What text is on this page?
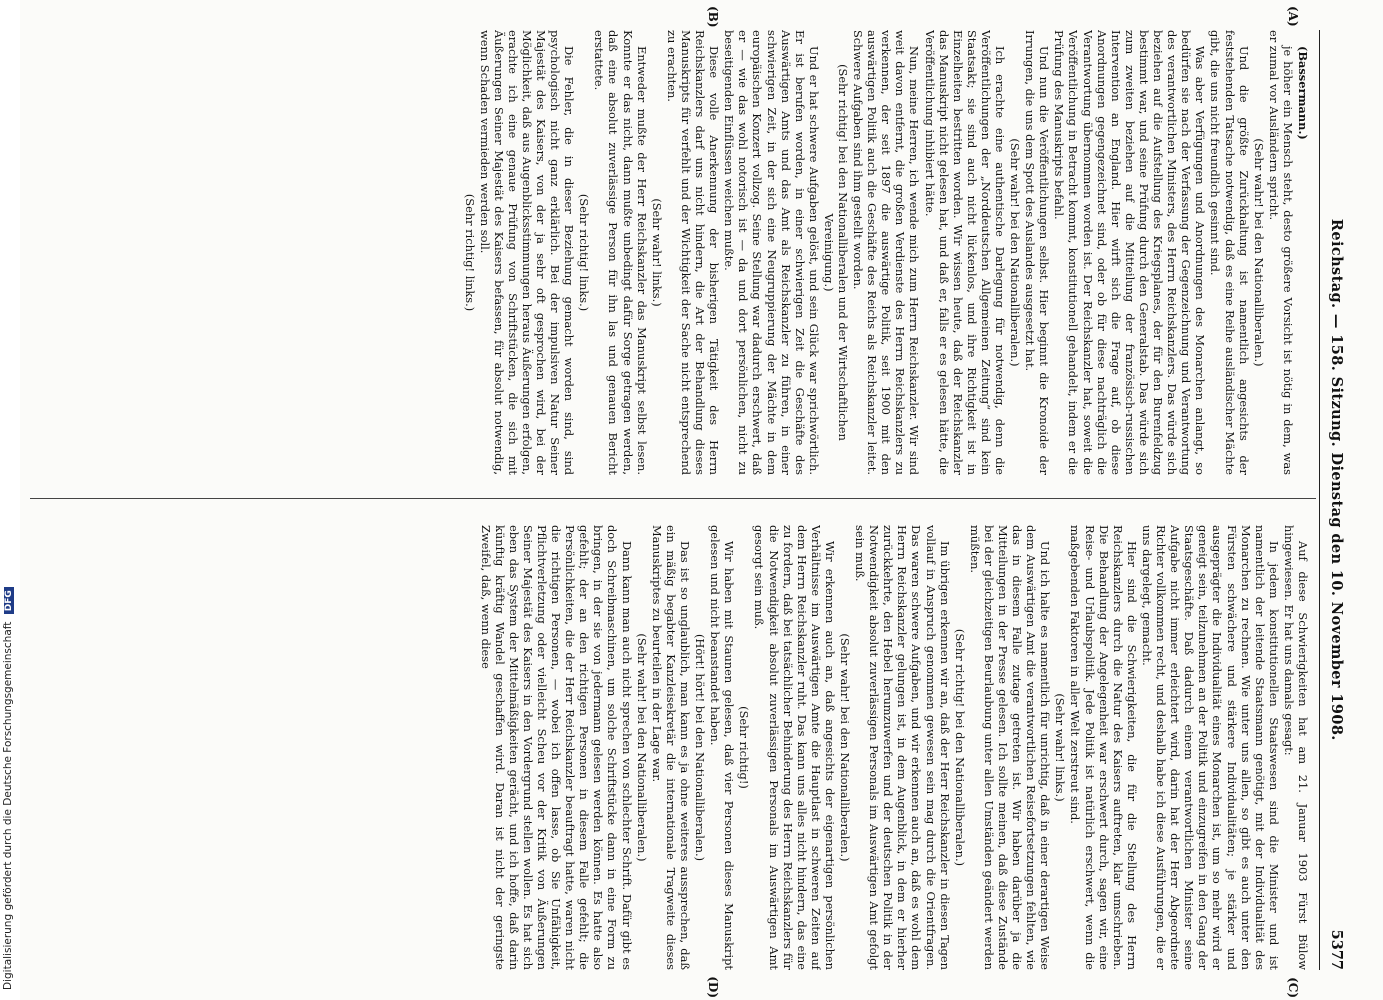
Digitalisierung gefördert durch die Deutsche Forschungsgemeinschaft DFG	Reichstag. — 158. Sitzung. Dienstag den 10. November 1908.
5377
(A)
(B)
(C)
(D)

(Bassermann.)

je höher ein Mensch steht, desto größere Vorsicht ist nötig in dem, was er zumal vor Ausländern spricht.

(Sehr wahr! bei den Nationalliberalen.)

Und die größte Zurückhaltung ist namentlich angesichts der feststehenden Tatsache notwendig, daß es eine Reihe ausländischer Mächte gibt, die uns nicht freundlich gesinnt sind.

Was aber Verfügungen und Anordnungen des Monarchen anlangt, so bedürfen sie nach der Verfassung der Gegenzeichnung und Verantwortung des verantwortlichen Ministers, des Herrn Reichskanzlers. Das würde sich beziehen auf die Aufstellung des Kriegsplanes, der für den Burenfeldzug bestimmt war, und seine Prüfung durch den Generalstab. Das würde sich zum zweiten beziehen auf die Mitteilung der französisch-russischen Intervention an England. Hier wirft sich die Frage auf, ob diese Anordnungen gegengezeichnet sind, oder ob für diese nachträglich die Verantwortung übernommen worden ist. Der Reichskanzler hat, soweit die Veröffentlichung in Betracht kommt, konstitutionell gehandelt, indem er die Prüfung des Manuskripts befahl.

Und nun die Veröffentlichungen selbst. Hier beginnt die Kronoide der Irrungen, die uns dem Spott des Auslandes ausgesetzt hat.

(Sehr wahr! bei den Nationalliberalen.)

Ich erachte eine authentische Darlegung für notwendig, denn die Veröffentlichungen der „Norddeutschen Allgemeinen Zeitung“ sind kein Staatsakt; sie sind auch nicht lückenlos, und ihre Richtigkeit ist in Einzelheiten bestritten worden. Wir wissen heute, daß der Reichskanzler das Manuskript nicht gelesen hat, und daß er, falls er es gelesen hätte, die Veröffentlichung inhibiert hätte.

Nun, meine Herren, ich wende mich zum Herrn Reichskanzler. Wir sind weit davon entfernt, die großen Verdienste des Herrn Reichskanzlers zu verkennen, der seit 1897 die auswärtige Politik, seit 1900 mit den auswärtigen Politik auch die Geschäfte des Reichs als Reichskanzler leitet. Schwere Aufgaben sind ihm gestellt worden.

(Sehr richtig! bei den Nationalliberalen und der Wirtschaftlichen Vereinigung.)

Und er hat schwere Aufgaben gelöst, und sein Glück war sprichwörtlich. Er ist berufen worden, in einer schwierigen Zeit die Geschäfte des Auswärtigen Amts und das Amt als Reichskanzler zu führen, in einer schwierigen Zeit, in der sich eine Neugruppierung der Mächte in dem europäischen Konzert vollzog. Seine Stellung war dadurch erschwert, daß er — wie das wohl notorisch ist — da und dort persönlichen, nicht zu beseitigenden Einflüssen weichen mußte.

Diese volle Anerkennung der bisherigen Tätigkeit des Herrn Reichskanzlers darf uns nicht hindern, die Art der Behandlung dieses Manuskripts für verfehlt und der Wichtigkeit der Sache nicht entsprechend zu erachten.

(Sehr wahr! links.)

Entweder mußte der Herr Reichskanzler das Manuskript selbst lesen. Konnte er das nicht, dann mußte unbedingt dafür Sorge getragen werden, daß eine absolut zuverlässige Person für ihn las und genauen Bericht erstattete.

(Sehr richtig! links.)

Die Fehler, die in dieser Beziehung gemacht worden sind, sind psychologisch nicht ganz erklärlich. Bei der impulsiven Natur Seiner Majestät des Kaisers, von der ja sehr oft gesprochen wird, bei der Möglichkeit, daß aus Augenblicksstimmungen heraus Äußerungen erfolgen, erachte ich eine genaue Prüfung von Schriftstücken, die sich mit Äußerungen Seiner Majestät des Kaisers befassen, für absolut notwendig, wenn Schaden vermieden werden soll.

(Sehr richtig! links.)

Auf diese Schwierigkeiten hat am 21. Januar 1903 Fürst Bülow hingewiesen. Er hat uns damals gesagt:

In jedem konstitutionellen Staatswesen sind die Minister und ist namentlich der leitende Staatsmann genötigt, mit der Individualität des Monarchen zu rechnen. Wie unter uns allen, so gibt es auch unter den Fürsten schwächere und stärkere Individualitäten; je stärker und ausgeprägter die Individualität eines Monarchen ist, um so mehr wird er geneigt sein, teilzunehmen an der Politik und einzugreifen in den Gang der Staatsgeschäfte. Daß dadurch einem verantwortlichen Minister seine Aufgabe nicht immer erleichtert wird, darin hat der Herr Abgeordnete Richter vollkommen recht, und deshalb habe ich diese Ausführungen, die er uns dargelegt, gemacht.

Hier sind die Schwierigkeiten, die für die Stellung des Herrn Reichskanzlers durch die Natur des Kaisers auftreten, klar umschrieben. Die Behandlung der Angelegenheit war erschwert durch, sagen wir, eine Reise- und Urlaubspolitik. Jede Politik ist natürlich erschwert, wenn die maßgebenden Faktoren in aller Welt zerstreut sind.

(Sehr wahr! links.)

Und ich halte es namentlich für unrichtig, daß in einer derartigen Weise dem Auswärtigen Amt die verantwortlichen Reisefortsetzungen fehlten, wie das in diesem Falle zutage getreten ist. Wir haben darüber ja die Mitteilungen in der Presse gelesen. Ich sollte meinen, daß diese Zustände bei der gleichzeitigen Beurlaubung unter allen Umständen geändert werden müßten.

(Sehr richtig! bei den Nationalliberalen.)

Im übrigen erkennen wir an, daß der Herr Reichskanzler in diesen Tagen vollauf in Anspruch genommen gewesen sein mag durch die Orientfragen. Das waren schwere Aufgaben, und wir erkennen auch an, daß es wohl dem Herrn Reichskanzler gelungen ist, in dem Augenblick, in dem er hierher zurückkehrte, den Hebel herumzuwerfen und der deutschen Politik in der Notwendigkeit absolut zuverlässigen Personals im Auswärtigen Amt gefolgt sein muß.

(Sehr wahr! bei den Nationalliberalen.)

Wir erkennen auch an, daß angesichts der eigenartigen persönlichen Verhältnisse im Auswärtigen Amte die Hauptlast in schweren Zeiten auf dem Herrn Reichskanzler ruht. Das kann uns alles nicht hindern, das eine zu fordern, daß bei tatsächlicher Behinderung des Herrn Reichskanzlers für die Notwendigkeit absolut zuverlässigen Personals im Auswärtigen Amt gesorgt sein muß.

(Sehr richtig!)

Wir haben mit Staunen gelesen, daß vier Personen dieses Manuskript gelesen und nicht beanstandet haben.

(Hört! hört! bei den Nationalliberalen.)

Das ist so unglaublich, man kann es ja ohne weiteres aussprechen, daß ein mäßig begabter Kanzleisekretär die internationale Tragweite dieses Manuskriptes zu beurteilen in der Lage war.

(Sehr wahr! bei den Nationalliberalen.)

Dann kann man auch nicht sprechen von schlechter Schrift. Dafür gibt es doch Schreibmaschinen, um solche Schriftstücke dann in eine Form zu bringen, in der sie von jedermann gelesen werden können. Es hatte also gefehlt; der an den richtigen Personen in diesem Falle gefehlt; die Persönlichkeiten, die der Herr Reichskanzler beauftragt hatte, waren nicht die richtigen Personen, — wobei ich offen lasse, ob Sie Unfähigkeit, Pflichtverletzung oder vielleicht Scheu vor der Kritik von Äußerungen Seiner Majestät des Kaisers in den Vordergrund stellen wollen. Es hat sich eben das System der Mittelmäßigkeiten gerächt, und ich hoffe, daß darin künftig kräftig Wandel geschaffen wird. Daran ist nicht der geringste Zweifel, daß, wenn diese
